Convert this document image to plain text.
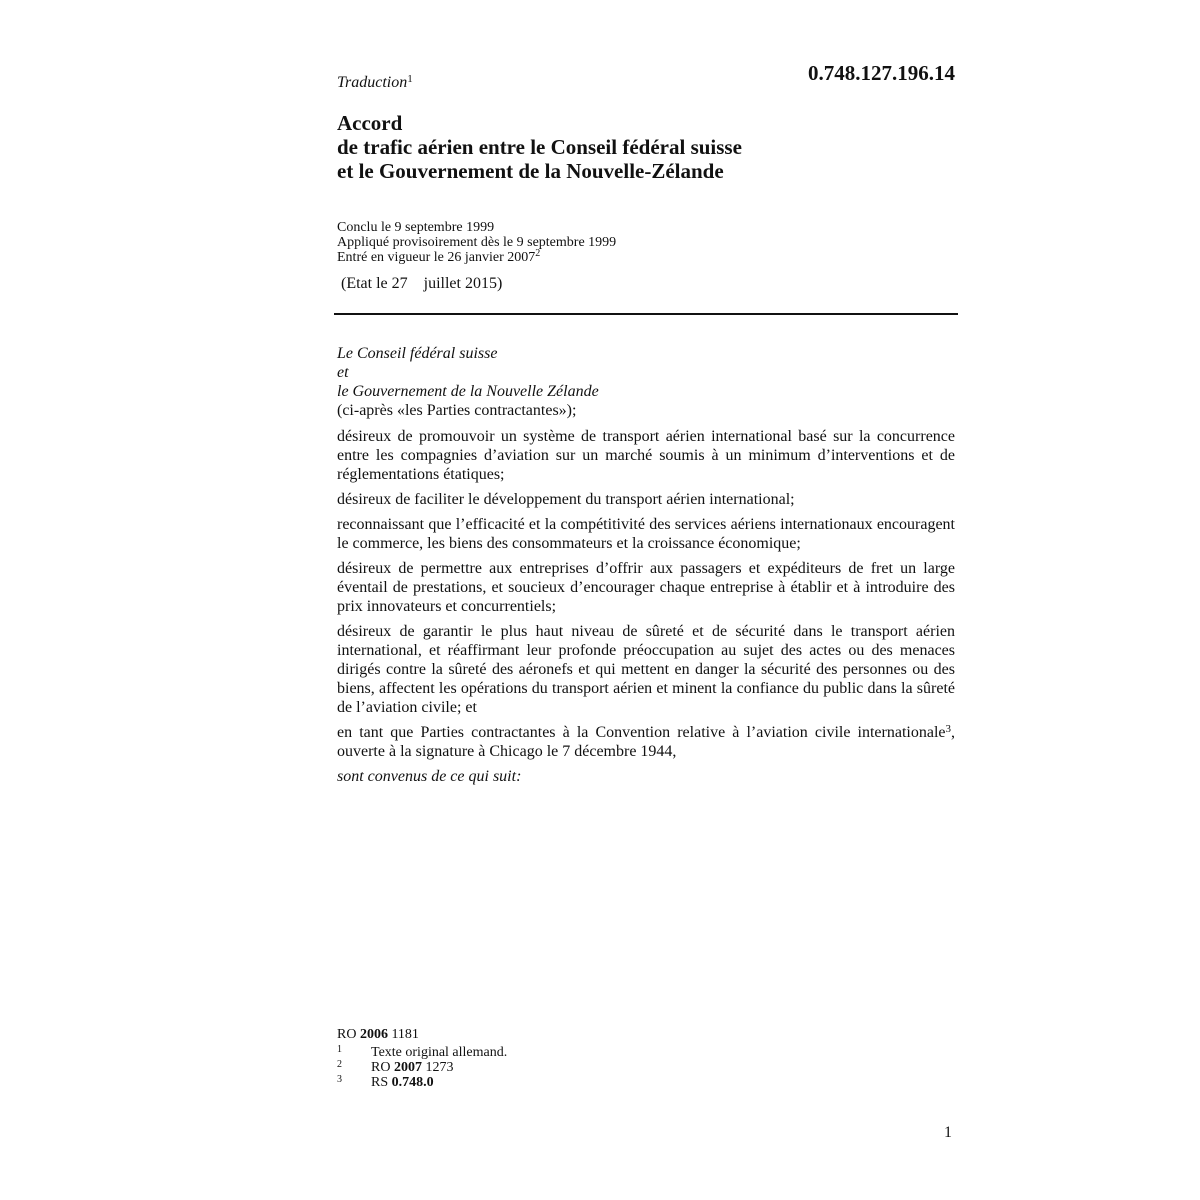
Traduction$^1$	0.748.127.196.14
Accord
de trafic aérien entre le Conseil fédéral suisse
et le Gouvernement de la Nouvelle-Zélande
Conclu le 9 septembre 1999
Appliqué provisoirement dès le 9 septembre 1999
Entré en vigueur le 26 janvier 2007$^2$
(Etat le 27    juillet 2015)

Le Conseil fédéral suisse

et

le Gouvernement de la Nouvelle Zélande

(ci-après «les Parties contractantes»);

désireux de promouvoir un système de transport aérien international basé sur la concurrence entre les compagnies d’aviation sur un marché soumis à un minimum d’interventions et de réglementations étatiques;

désireux de faciliter le développement du transport aérien international;

reconnaissant que l’efficacité et la compétitivité des services aériens internationaux encouragent le commerce, les biens des consommateurs et la croissance économique;

désireux de permettre aux entreprises d’offrir aux passagers et expéditeurs de fret un large éventail de prestations, et soucieux d’encourager chaque entreprise à établir et à introduire des prix innovateurs et concurrentiels;

désireux de garantir le plus haut niveau de sûreté et de sécurité dans le transport aérien international, et réaffirmant leur profonde préoccupation au sujet des actes ou des menaces dirigés contre la sûreté des aéronefs et qui mettent en danger la sécurité des personnes ou des biens, affectent les opérations du transport aérien et minent la confiance du public dans la sûreté de l’aviation civile; et

en tant que Parties contractantes à la Convention relative à l’aviation civile internationale$^3$, ouverte à la signature à Chicago le 7 décembre 1944,

sont convenus de ce qui suit:

RO 2006 1181
1 Texte original allemand.
2 RO 2007 1273
3 RS 0.748.0
1
